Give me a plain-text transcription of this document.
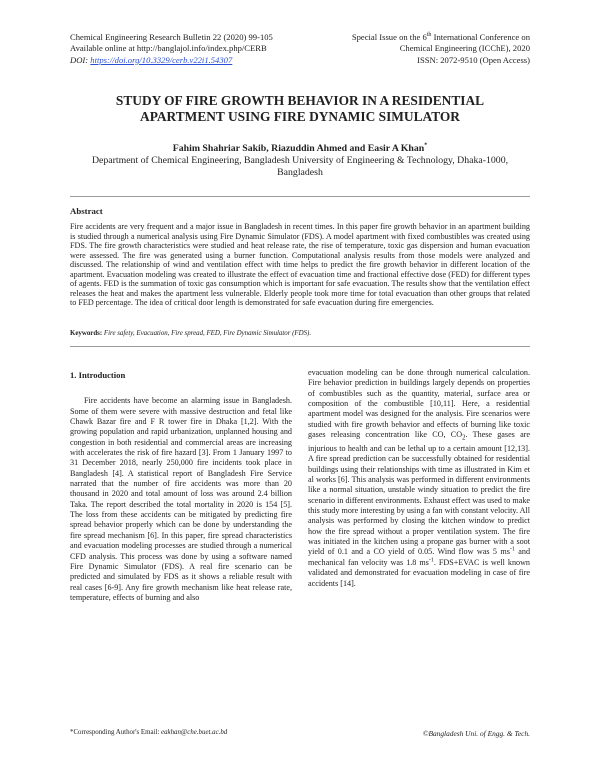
Chemical Engineering Research Bulletin 22 (2020) 99-105
Available online at http://banglajol.info/index.php/CERB
DOI: https://doi.org/10.3329/cerb.v22i1.54307
Special Issue on the 6th International Conference on
Chemical Engineering (ICChE), 2020
ISSN: 2072-9510 (Open Access)
STUDY OF FIRE GROWTH BEHAVIOR IN A RESIDENTIAL
APARTMENT USING FIRE DYNAMIC SIMULATOR
Fahim Shahriar Sakib, Riazuddin Ahmed and Easir A Khan*
Department of Chemical Engineering, Bangladesh University of Engineering & Technology, Dhaka-1000, Bangladesh
Abstract
Fire accidents are very frequent and a major issue in Bangladesh in recent times. In this paper fire growth behavior in an apartment building is studied through a numerical analysis using Fire Dynamic Simulator (FDS). A model apartment with fixed combustibles was created using FDS. The fire growth characteristics were studied and heat release rate, the rise of temperature, toxic gas dispersion and human evacuation were assessed. The fire was generated using a burner function. Computational analysis results from those models were analyzed and discussed. The relationship of wind and ventilation effect with time helps to predict the fire growth behavior in different location of the apartment. Evacuation modeling was created to illustrate the effect of evacuation time and fractional effective dose (FED) for different types of agents. FED is the summation of toxic gas consumption which is important for safe evacuation. The results show that the ventilation effect releases the heat and makes the apartment less vulnerable. Elderly people took more time for total evacuation than other groups that related to FED percentage. The idea of critical door length is demonstrated for safe evacuation during fire emergencies.
Keywords: Fire safety, Evacuation, Fire spread, FED, Fire Dynamic Simulator (FDS).
1. Introduction

Fire accidents have become an alarming issue in Bangladesh. Some of them were severe with massive destruction and fetal like Chawk Bazar fire and F R tower fire in Dhaka [1,2]. With the growing population and rapid urbanization, unplanned housing and congestion in both residential and commercial areas are increasing with accelerates the risk of fire hazard [3]. From 1 January 1997 to 31 December 2018, nearly 250,000 fire incidents took place in Bangladesh [4]. A statistical report of Bangladesh Fire Service narrated that the number of fire accidents was more than 20 thousand in 2020 and total amount of loss was around 2.4 billion Taka. The report described the total mortality in 2020 is 154 [5]. The loss from these accidents can be mitigated by predicting fire spread behavior properly which can be done by understanding the fire spread mechanism [6]. In this paper, fire spread characteristics and evacuation modeling processes are studied through a numerical CFD analysis. This process was done by using a software named Fire Dynamic Simulator (FDS). A real fire scenario can be predicted and simulated by FDS as it shows a reliable result with real cases [6-9]. Any fire growth mechanism like heat release rate, temperature, effects of burning and also

evacuation modeling can be done through numerical calculation. Fire behavior prediction in buildings largely depends on properties of combustibles such as the quantity, material, surface area or composition of the combustible [10,11]. Here, a residential apartment model was designed for the analysis. Fire scenarios were studied with fire growth behavior and effects of burning like toxic gases releasing concentration like CO, $CO_2$. These gases are injurious to health and can be lethal up to a certain amount [12,13]. A fire spread prediction can be successfully obtained for residential buildings using their relationships with time as illustrated in Kim et al works [6]. This analysis was performed in different environments like a normal situation, unstable windy situation to predict the fire scenario in different environments. Exhaust effect was used to make this study more interesting by using a fan with constant velocity. All analysis was performed by closing the kitchen window to predict how the fire spread without a proper ventilation system. The fire was initiated in the kitchen using a propane gas burner with a soot yield of 0.1 and a CO yield of 0.05. Wind flow was 5 $ms^{-1}$ and mechanical fan velocity was 1.8 $ms^{-1}$. FDS+EVAC is well known validated and demonstrated for evacuation modeling in case of fire accidents [14].

*Corresponding Author's Email: eakhan@che.buet.ac.bd	©Bangladesh Uni. of Engg. & Tech.
